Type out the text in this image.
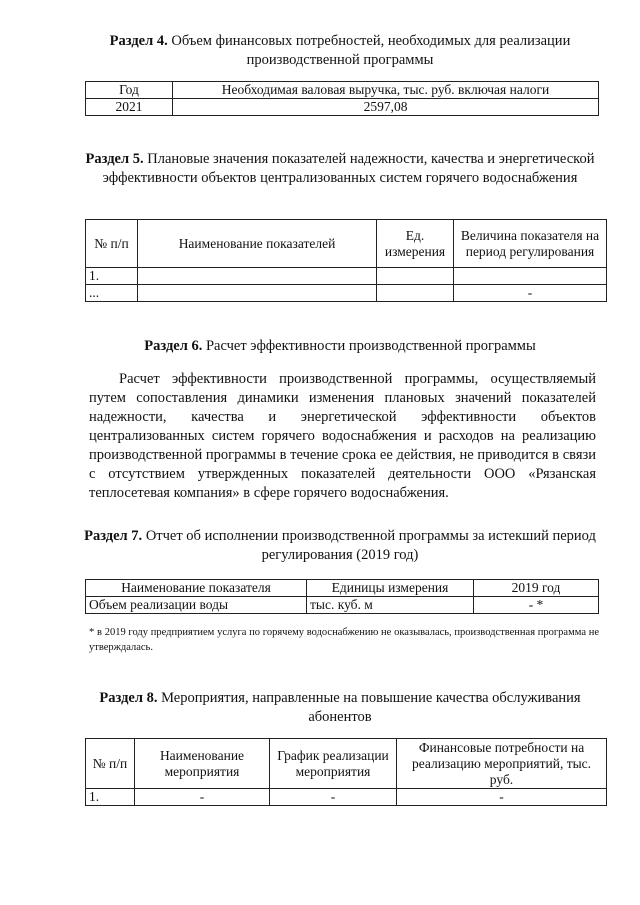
Раздел 4. Объем финансовых потребностей, необходимых для реализации производственной программы
Год	Необходимая валовая выручка, тыс. руб. включая налоги
2021	2597,08
Раздел 5. Плановые значения показателей надежности, качества и энергетической эффективности объектов централизованных систем горячего водоснабжения
№ п/п	Наименование показателей	Ед. измерения	Величина показателя на период регулирования
1.			
...			-
Раздел 6. Расчет эффективности производственной программы
Расчет эффективности производственной программы, осуществляемый путем сопоставления динамики изменения плановых значений показателей надежности, качества и энергетической эффективности объектов централизованных систем горячего водоснабжения и расходов на реализацию производственной программы в течение срока ее действия, не приводится в связи с отсутствием утвержденных показателей деятельности ООО «Рязанская теплосетевая компания» в сфере горячего водоснабжения.
Раздел 7. Отчет об исполнении производственной программы за истекший период регулирования (2019 год)
Наименование показателя	Единицы измерения	2019 год
Объем реализации воды	тыс. куб. м	- *
* в 2019 году предприятием услуга по горячему водоснабжению не оказывалась, производственная программа не утверждалась.
Раздел 8. Мероприятия, направленные на повышение качества обслуживания абонентов
№ п/п	Наименование мероприятия	График реализации мероприятия	Финансовые потребности на реализацию мероприятий, тыс. руб.
1.	-	-	-
